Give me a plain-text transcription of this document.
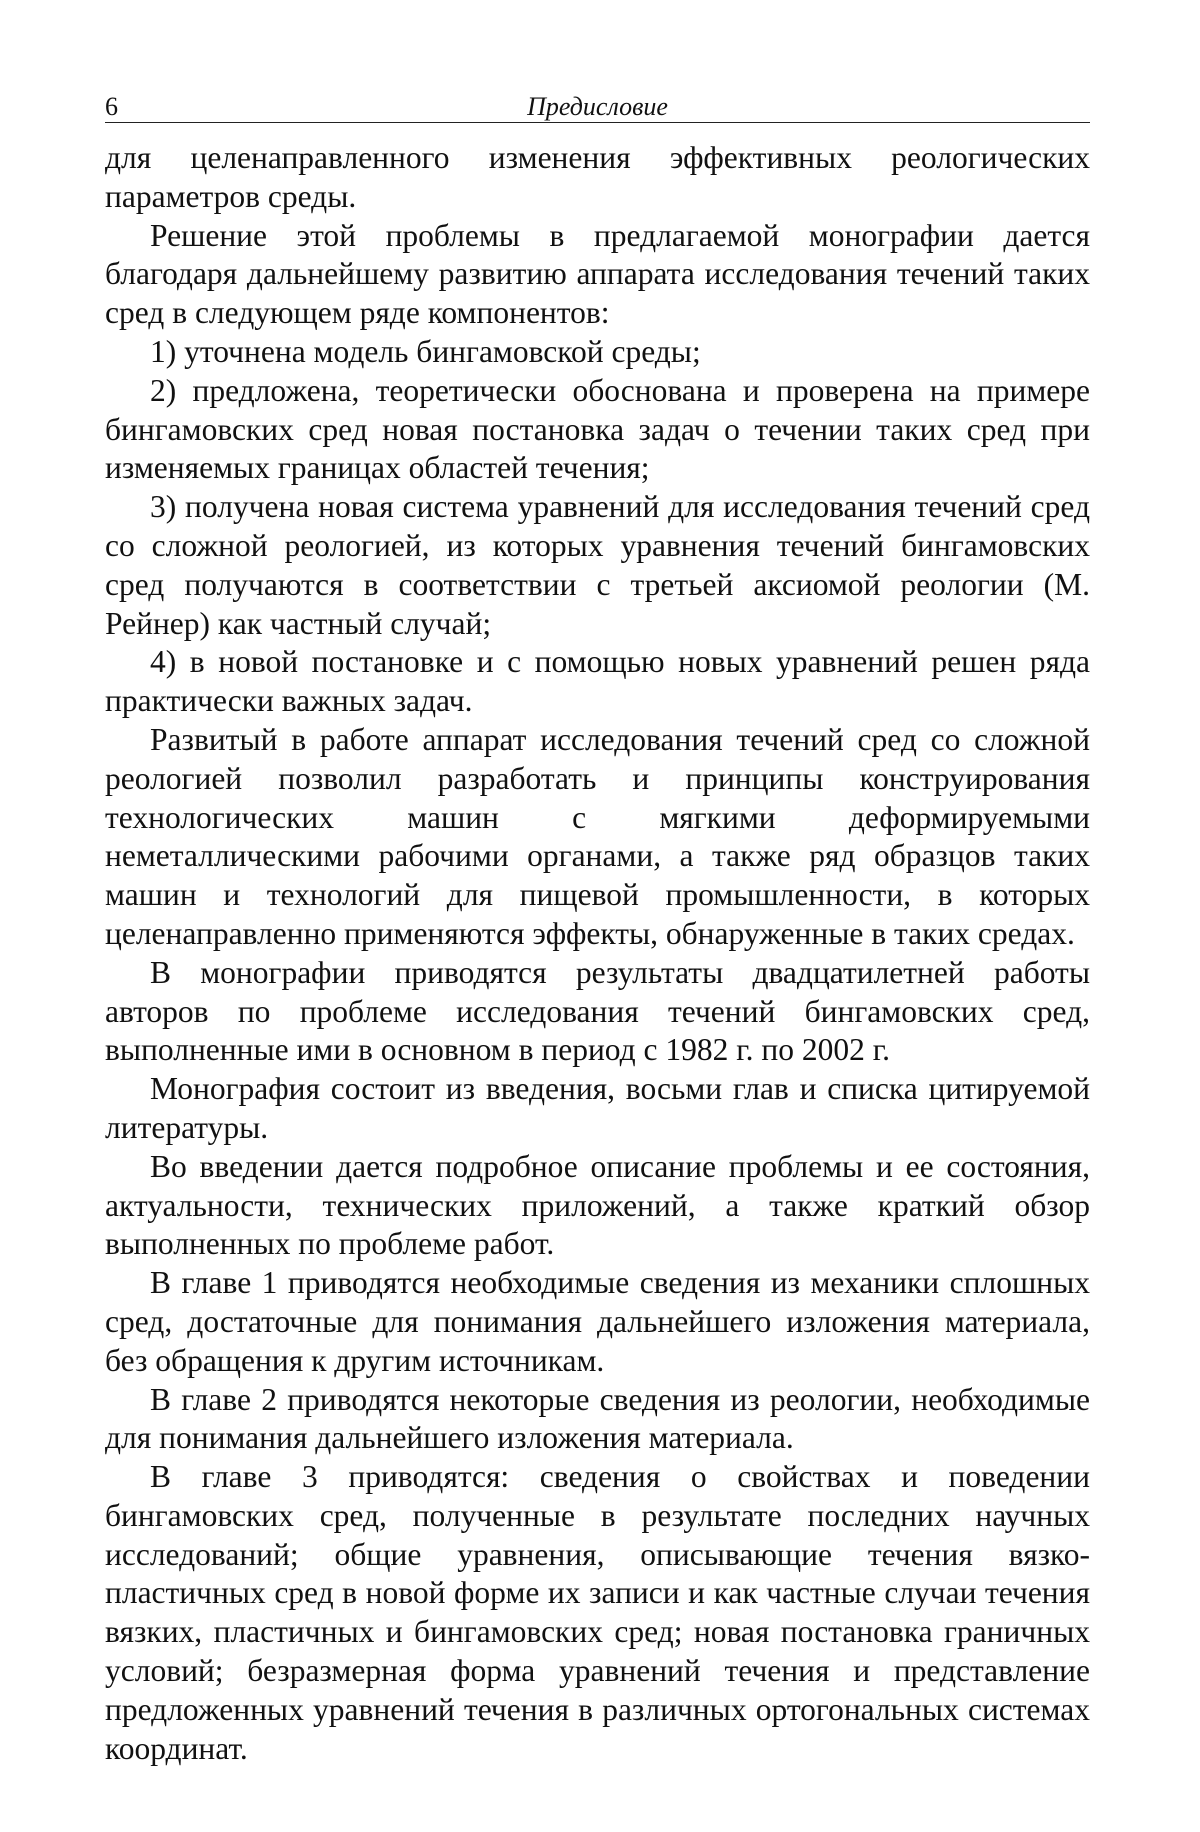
6	Предисловие

для целенаправленного изменения эффективных реологических параметров среды.

Решение этой проблемы в предлагаемой монографии дается благодаря дальнейшему развитию аппарата исследования течений таких сред в следующем ряде компонентов:

1) уточнена модель бингамовской среды;

2) предложена, теоретически обоснована и проверена на примере бингамовских сред новая постановка задач о течении таких сред при изменяемых границах областей течения;

3) получена новая система уравнений для исследования течений сред со сложной реологией, из которых уравнения течений бингамовских сред получаются в соответствии с третьей аксиомой реологии (М. Рейнер) как частный случай;

4) в новой постановке и с помощью новых уравнений решен ряда практически важных задач.

Развитый в работе аппарат исследования течений сред со сложной реологией позволил разработать и принципы конструирования технологических машин с мягкими деформируемыми неметаллическими рабочими органами, а также ряд образцов таких машин и технологий для пищевой промышленности, в которых целенаправленно применяются эффекты, обнаруженные в таких средах.

В монографии приводятся результаты двадцатилетней работы авторов по проблеме исследования течений бингамовских сред, выполненные ими в основном в период с 1982 г. по 2002 г.

Монография состоит из введения, восьми глав и списка цитируемой литературы.

Во введении дается подробное описание проблемы и ее состояния, актуальности, технических приложений, а также краткий обзор выполненных по проблеме работ.

В главе 1 приводятся необходимые сведения из механики сплошных сред, достаточные для понимания дальнейшего изложения материала, без обращения к другим источникам.

В главе 2 приводятся некоторые сведения из реологии, необходимые для понимания дальнейшего изложения материала.

В главе 3 приводятся: сведения о свойствах и поведении бингамовских сред, полученные в результате последних научных исследований; общие уравнения, описывающие течения вязкопластичных сред в новой форме их записи и как частные случаи течения вязких, пластичных и бингамовских сред; новая постановка граничных условий; безразмерная форма уравнений течения и представление предложенных уравнений течения в различных ортогональных системах координат.
